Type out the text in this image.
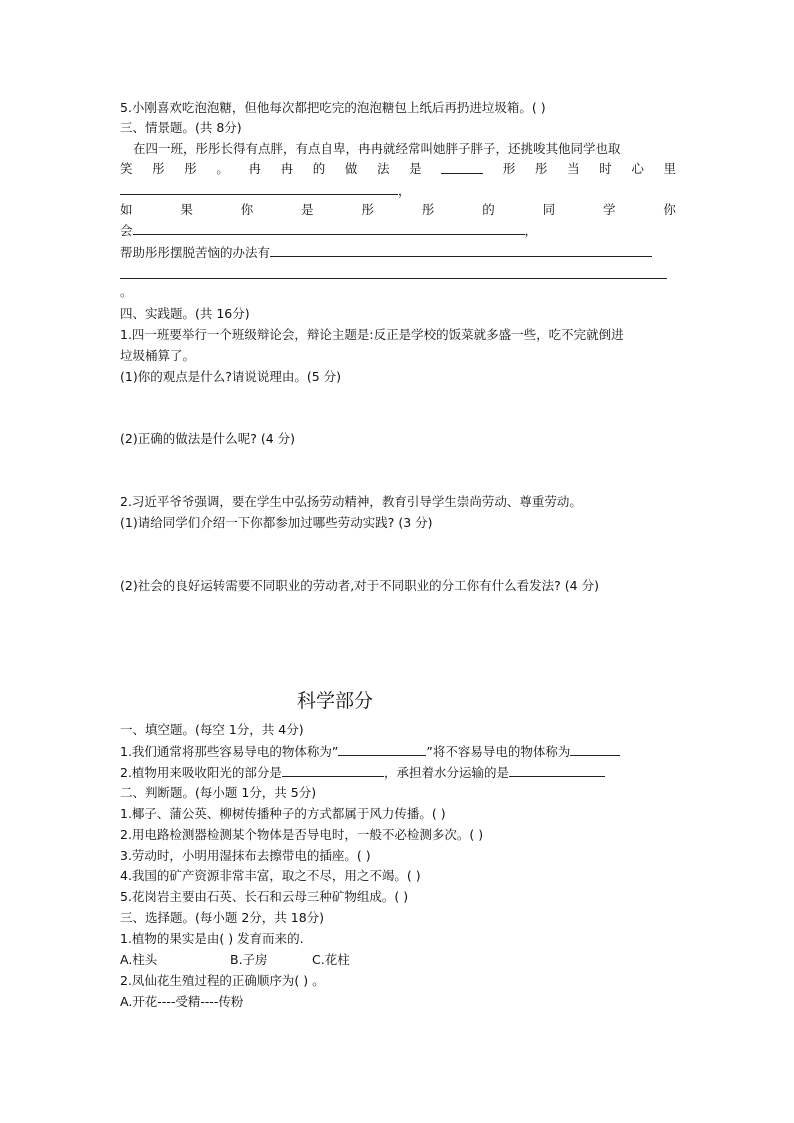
5.小刚喜欢吃泡泡糖，但他每次都把吃完的泡泡糖包上纸后再扔进垃圾箱。( )
三、情景题。(共 8分)
在四一班，彤彤长得有点胖，有点自卑，冉冉就经常叫她胖子胖子，还挑唆其他同学也取
笑 彤 彤 。 冉 冉 的 做 法 是	形 彤 当 时 心 里
，
如	果	你	是	彤	彤	的	同	学	你
会	，
帮助彤彤摆脱苦恼的办法有
。
四、实践题。(共 16分)
1.四一班要举行一个班级辩论会，辩论主题是:反正是学校的饭菜就多盛一些，吃不完就倒进
垃圾桶算了。
(1)你的观点是什么?请说说理由。(5 分)
(2)正确的做法是什么呢? (4 分)
2.习近平爷爷强调，要在学生中弘扬劳动精神，教育引导学生崇尚劳动、尊重劳动。
(1)请给同学们介绍一下你都参加过哪些劳动实践? (3 分)
(2)社会的良好运转需要不同职业的劳动者,对于不同职业的分工你有什么看发法? (4 分)
科学部分
一、填空题。(每空 1分，共 4分)
1.我们通常将那些容易导电的物体称为”	”将不容易导电的物体称为
2.植物用来吸收阳光的部分是	，承担着水分运输的是
二、判断题。(每小题 1分，共 5分)
1.椰子、蒲公英、柳树传播种子的方式都属于风力传播。( )
2.用电路检测器检测某个物体是否导电时，一般不必检测多次。( )
3.劳动时，小明用湿抹布去擦带电的插座。( )
4.我国的矿产资源非常丰富，取之不尽，用之不竭。( )
5.花岗岩主要由石英、长石和云母三种矿物组成。( )
三、选择题。(每小题 2分，共 18分)
1.植物的果实是由( ) 发育而来的.
A.柱头	B.子房	C.花柱
2.凤仙花生殖过程的正确顺序为( ) 。
A.开花----受精----传粉
